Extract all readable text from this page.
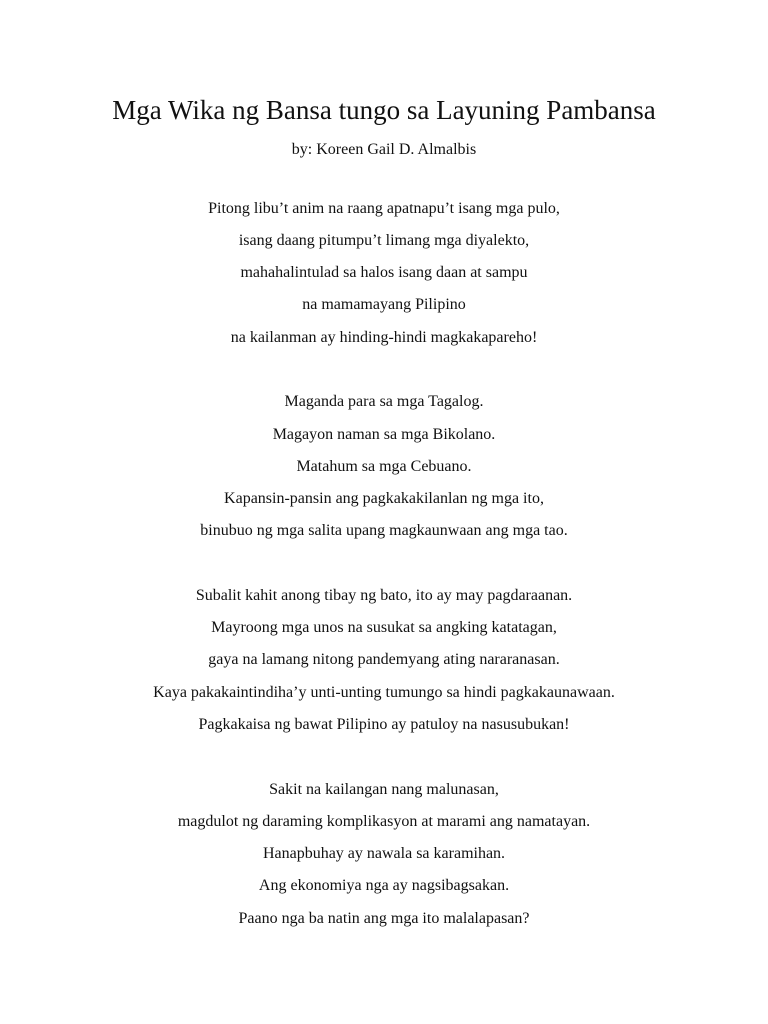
Mga Wika ng Bansa tungo sa Layuning Pambansa
by: Koreen Gail D. Almalbis
Pitong libu’t anim na raang apatnapu’t isang mga pulo,
isang daang pitumpu’t limang mga diyalekto,
mahahalintulad sa halos isang daan at sampu
na mamamayang Pilipino
na kailanman ay hinding-hindi magkakapareho!
Maganda para sa mga Tagalog.
Magayon naman sa mga Bikolano.
Matahum sa mga Cebuano.
Kapansin-pansin ang pagkakakilanlan ng mga ito,
binubuo ng mga salita upang magkaunwaan ang mga tao.
Subalit kahit anong tibay ng bato, ito ay may pagdaraanan.
Mayroong mga unos na susukat sa angking katatagan,
gaya na lamang nitong pandemyang ating nararanasan.
Kaya pakakaintindiha’y unti-unting tumungo sa hindi pagkakaunawaan.
Pagkakaisa ng bawat Pilipino ay patuloy na nasusubukan!
Sakit na kailangan nang malunasan,
magdulot ng daraming komplikasyon at marami ang namatayan.
Hanapbuhay ay nawala sa karamihan.
Ang ekonomiya nga ay nagsibagsakan.
Paano nga ba natin ang mga ito malalapasan?
